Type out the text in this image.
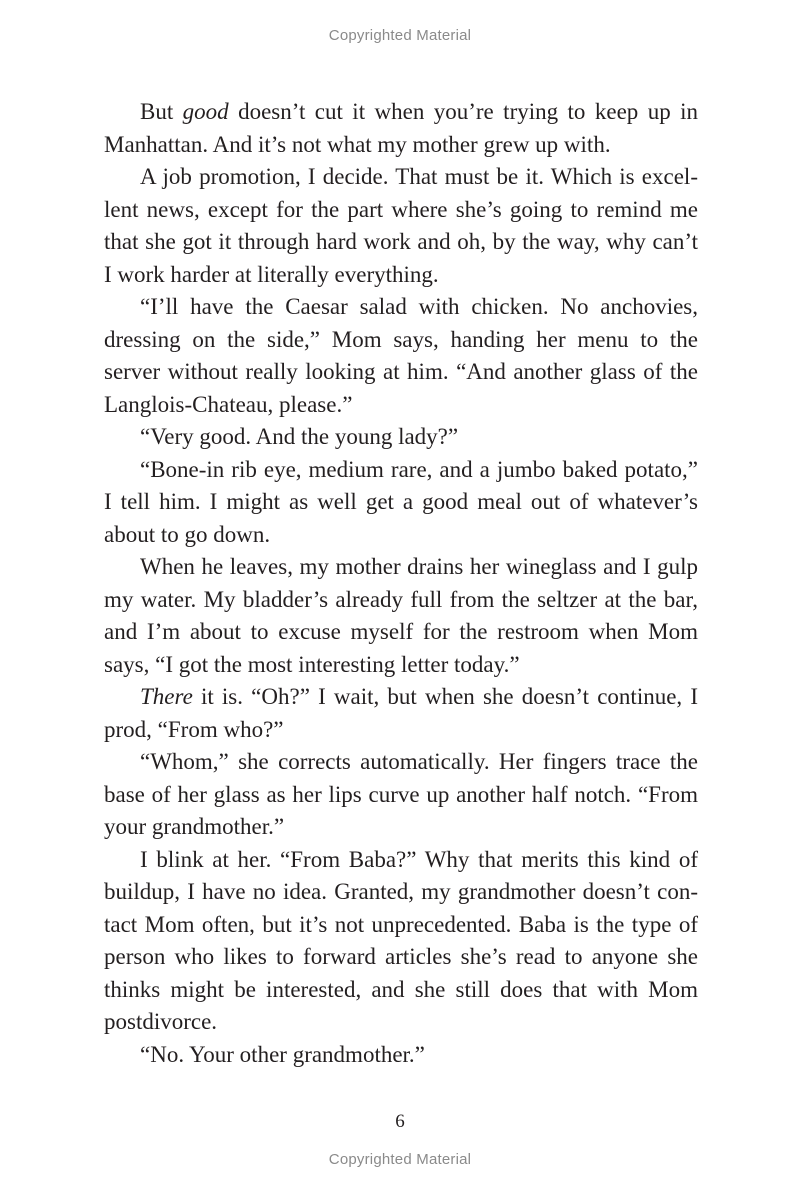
Copyrighted Material

But good doesn’t cut it when you’re trying to keep up in Manhattan. And it’s not what my mother grew up with.

A job promotion, I decide. That must be it. Which is excellent news, except for the part where she’s going to remind me that she got it through hard work and oh, by the way, why can’t I work harder at literally everything.

“I’ll have the Caesar salad with chicken. No anchovies, dressing on the side,” Mom says, handing her menu to the server without really looking at him. “And another glass of the Langlois-Chateau, please.”

“Very good. And the young lady?”

“Bone-in rib eye, medium rare, and a jumbo baked potato,” I tell him. I might as well get a good meal out of whatever’s about to go down.

When he leaves, my mother drains her wineglass and I gulp my water. My bladder’s already full from the seltzer at the bar, and I’m about to excuse myself for the restroom when Mom says, “I got the most interesting letter today.”

There it is. “Oh?” I wait, but when she doesn’t continue, I prod, “From who?”

“Whom,” she corrects automatically. Her fingers trace the base of her glass as her lips curve up another half notch. “From your grandmother.”

I blink at her. “From Baba?” Why that merits this kind of buildup, I have no idea. Granted, my grandmother doesn’t contact Mom often, but it’s not unprecedented. Baba is the type of person who likes to forward articles she’s read to anyone she thinks might be interested, and she still does that with Mom postdivorce.

“No. Your other grandmother.”

6
Copyrighted Material
